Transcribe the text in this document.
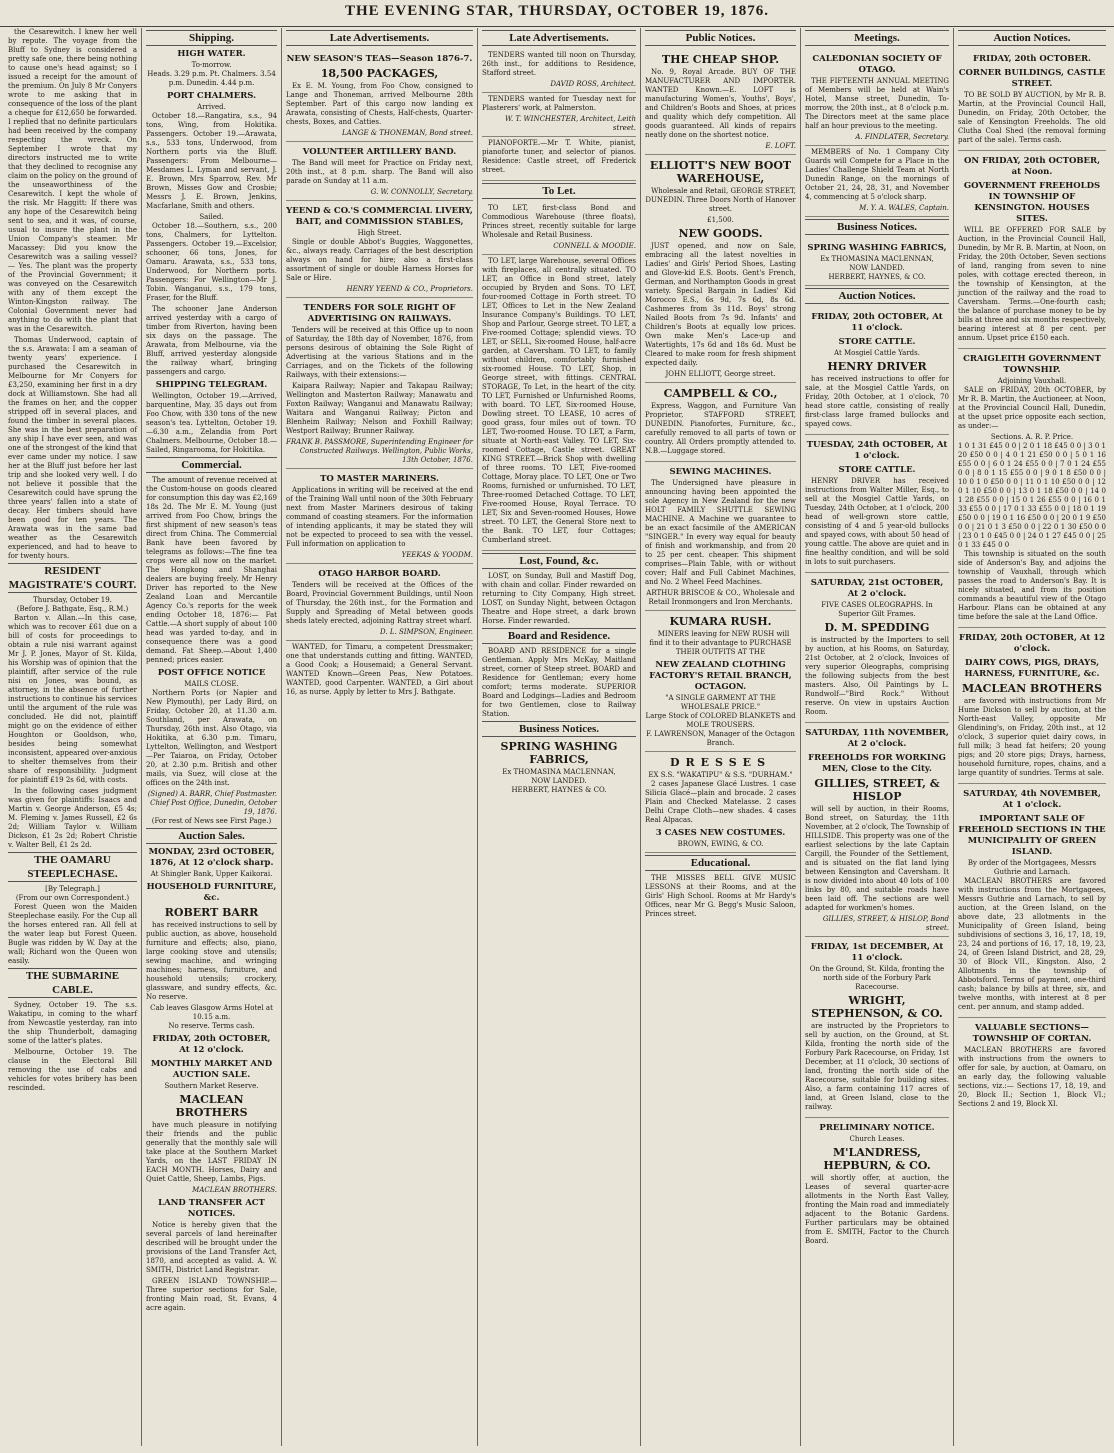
THE EVENING STAR, THURSDAY, OCTOBER 19, 1876.

the Cesarewitch. I knew her well by repute. The voyage from the Bluff to Sydney is considered a pretty safe one, there being nothing to cause one's head against; so I issued a receipt for the amount of the premium. On July 8 Mr Conyers wrote to me asking that in consequence of the loss of the plant a cheque for £12,650 be forwarded. I replied that no definite particulars had been received by the company respecting the wreck. On September I wrote that my directors instructed me to write that they declined to recognise any claim on the policy on the ground of the unseaworthiness of the Cesarewitch. I kept the whole of the risk. Mr Haggitt: If there was any hope of the Cesarewitch being sent to sea, and it was, of course, usual to insure the plant in the Union Company's steamer. Mr Macassey: Did you know the Cesarewitch was a sailing vessel? — Yes. The plant was the property of the Provincial Government; it was conveyed on the Cesarewitch with any of them except the Winton-Kingston railway. The Colonial Government never had anything to do with the plant that was in the Cesarewitch.

Thomas Underwood, captain of the s.s. Arawata: I am a seaman of twenty years' experience. I purchased the Cesarewitch in Melbourne for Mr Conyers for £3,250, examining her first in a dry dock at Williamstown. She had all the frames on her, and the copper stripped off in several places, and found the timber in several places. She was in the best preparation of any ship I have ever seen, and was one of the strongest of the kind that ever came under my notice. I saw her at the Bluff just before her last trip and she looked very well. I do not believe it possible that the Cesarewitch could have sprung the three years' fallen into a state of decay. Her timbers should have been good for ten years. The Arawata was in the same bad weather as the Cesarewitch experienced, and had to heave to for twenty hours.

RESIDENT MAGISTRATE'S COURT.
Thursday, October 19.
(Before J. Bathgate, Esq., R.M.)

Barton v. Allan.—In this case, which was to recover £61 due on a bill of costs for proceedings to obtain a rule nisi warrant against Mr J. P. Jones, Mayor of St. Kilda, his Worship was of opinion that the plaintiff, after service of the rule nisi on Jones, was bound, as attorney, in the absence of further instructions to continue his services until the argument of the rule was concluded. He did not, plaintiff might go on the evidence of either Houghton or Gooldson, who, besides being somewhat inconsistent, appeared over-anxious to shelter themselves from their share of responsibility. Judgment for plaintiff £19 2s 6d, with costs.

In the following cases judgment was given for plaintiffs: Isaacs and Martin v. George Anderson, £5 4s; M. Fleming v. James Russell, £2 6s 2d; William Taylor v. William Dickson, £1 2s 2d; Robert Christie v. Walter Bell, £1 2s 2d.

THE OAMARU STEEPLECHASE.
[By Telegraph.]
(From our own Correspondent.)

Forest Queen won the Maiden Steeplechase easily. For the Cup all the horses entered ran. All fell at the water leap but Forest Queen. Bugle was ridden by W. Day at the wall; Richard won the Queen won easily.

THE SUBMARINE CABLE.

Sydney, October 19. The s.s. Wakatipu, in coming to the wharf from Newcastle yesterday, ran into the ship Thunderbolt, damaging some of the latter's plates.

Melbourne, October 19. The clause in the Electoral Bill removing the use of cabs and vehicles for votes bribery has been rescinded.

Shipping.
HIGH WATER.
To-morrow.
Heads. 3.29 p.m. Pt. Chalmers. 3.54 p.m. Dunedin. 4.44 p.m.
PORT CHALMERS.
Arrived.

October 18.—Rangatira, s.s., 94 tons, Wing, from Hokitika. Passengers. October 19.—Arawata, s.s., 533 tons, Underwood, from Northern ports via the Bluff. Passengers: From Melbourne—Mesdames L. Lyman and servant, J. E. Brown, Mrs Sparrow, Rev. Mr Brown, Misses Gow and Crosbie; Messrs J. E. Brown, Jenkins, Macfarlane, Smith and others.

Sailed.

October 18.—Southern, s.s., 200 tons, Chalmers, for Lyttelton. Passengers. October 19.—Excelsior, schooner, 66 tons, Jones, for Oamaru. Arawata, s.s., 533 tons, Underwood, for Northern ports. Passengers: For Wellington—Mr J. Tobin. Wanganui, s.s., 179 tons, Fraser, for the Bluff.

The schooner Jane Anderson arrived yesterday with a cargo of timber from Riverton, having been six days on the passage. The Arawata, from Melbourne, via the Bluff, arrived yesterday alongside the railway wharf, bringing passengers and cargo.

SHIPPING TELEGRAM.

Wellington, October 19.—Arrived, barquentine, May, 35 days out from Foo Chow, with 330 tons of the new season's tea. Lyttelton, October 19.—6.30 a.m., Zelandia from Port Chalmers. Melbourne, October 18.—Sailed, Ringarooma, for Hokitika.

Commercial.

The amount of revenue received at the Custom-house on goods cleared for consumption this day was £2,169 18s 2d. The Mr E. M. Young (just arrived from Foo Chow, brings the first shipment of new season's teas direct from China. The Commercial Bank have been favored by telegrams as follows:—The fine tea crops were all now on the market. The Hongkong and Shanghai dealers are buying freely. Mr Henry Driver has reported to the New Zealand Loan and Mercantile Agency Co.'s reports for the week ending October 18, 1876:— Fat Cattle.—A short supply of about 100 head was yarded to-day, and in consequence there was a good demand. Fat Sheep.—About 1,400 penned; prices easier.

POST OFFICE NOTICE
MAILS CLOSE.

Northern Ports (or Napier and New Plymouth), per Lady Bird, on Friday, October 20, at 11.30 a.m. Southland, per Arawata, on Thursday, 26th inst. Also Otago, via Hokitika, at 6.30 p.m. Timaru, Lyttelton, Wellington, and Westport—Per Taiaroa, on Friday, October 20, at 2.30 p.m. British and other mails, via Suez, will close at the offices on the 24th inst.

(Signed) A. BARR, Chief Postmaster. Chief Post Office, Dunedin, October 19, 1876.
(For rest of News see First Page.)
Auction Sales.
MONDAY, 23rd OCTOBER, 1876, At 12 o'clock sharp.
At Shingler Bank, Upper Kaikorai.
HOUSEHOLD FURNITURE, &c.
ROBERT BARR

has received instructions to sell by public auction, as above, household furniture and effects; also, piano, large cooking stove and utensils; sewing machine, and wringing machines; harness, furniture, and household utensils; crockery, glassware, and sundry effects, &c. No reserve.

Cab leaves Glasgow Arms Hotel at 10.15 a.m.
No reserve. Terms cash.
FRIDAY, 20th OCTOBER, At 12 o'clock.
MONTHLY MARKET AND AUCTION SALE.
Southern Market Reserve.
MACLEAN BROTHERS

have much pleasure in notifying their friends and the public generally that the monthly sale will take place at the Southern Market Yards, on the LAST FRIDAY IN EACH MONTH. Horses, Dairy and Quiet Cattle, Sheep, Lambs, Pigs.

MACLEAN BROTHERS.
LAND TRANSFER ACT NOTICES.

Notice is hereby given that the several parcels of land hereinafter described will be brought under the provisions of the Land Transfer Act, 1870, and accepted as valid. A. W. SMITH, District Land Registrar.

GREEN ISLAND TOWNSHIP.—Three superior sections for Sale, fronting Main road, St. Evans, 4 acre again.

Late Advertisements.
NEW SEASON'S TEAS—Season 1876-7.
18,500 PACKAGES,

Ex E. M. Young, from Foo Chow, consigned to Lange and Thoneman, arrived Melbourne 28th September. Part of this cargo now landing ex Arawata, consisting of Chests, Half-chests, Quarter-chests, Boxes, and Catties.

LANGE & THONEMAN, Bond street.
VOLUNTEER ARTILLERY BAND.

The Band will meet for Practice on Friday next, 20th inst., at 8 p.m. sharp. The Band will also parade on Sunday at 11 a.m.

G. W. CONNOLLY, Secretary.
YEEND & CO.'S COMMERCIAL LIVERY, BAIT, and COMMISSION STABLES,
High Street.

Single or double Abbot's Buggies, Waggonettes, &c., always ready. Carriages of the best description always on hand for hire; also a first-class assortment of single or double Harness Horses for Sale or Hire.

HENRY YEEND & CO., Proprietors.
TENDERS FOR SOLE RIGHT OF ADVERTISING ON RAILWAYS.

Tenders will be received at this Office up to noon of Saturday, the 18th day of November, 1876, from persons desirous of obtaining the Sole Right of Advertising at the various Stations and in the Carriages, and on the Tickets of the following Railways, with their extensions:—

Kaipara Railway; Napier and Takapau Railway; Wellington and Masterton Railway; Manawatu and Foxton Railway; Wanganui and Manawatu Railway; Waitara and Wanganui Railway; Picton and Blenheim Railway; Nelson and Foxhill Railway; Westport Railway; Brunner Railway.

FRANK B. PASSMORE, Superintending Engineer for Constructed Railways. Wellington, Public Works, 13th October, 1876.
TO MASTER MARINERS.

Applications in writing will be received at the end of the Training Wall until noon of the 30th February next from Master Mariners desirous of taking command of coasting steamers. For the information of intending applicants, it may be stated they will not be expected to proceed to sea with the vessel. Full information on application to

YEEKAS & YOODM.
OTAGO HARBOR BOARD.

Tenders will be received at the Offices of the Board, Provincial Government Buildings, until Noon of Thursday, the 26th inst., for the Formation and Supply and Spreading of Metal between goods sheds lately erected, adjoining Rattray street wharf.

D. L. SIMPSON, Engineer.

WANTED, for Timaru, a competent Dressmaker; one that understands cutting and fitting. WANTED, a Good Cook; a Housemaid; a General Servant. WANTED Known—Green Peas, New Potatoes. WANTED, good Carpenter. WANTED, a Girl about 16, as nurse. Apply by letter to Mrs J. Bathgate.

Late Advertisements.

TENDERS wanted till noon on Thursday, 26th inst., for additions to Residence, Stafford street.

DAVID ROSS, Architect.

TENDERS wanted for Tuesday next for Plasterers' work, at Palmerston.

W. T. WINCHESTER, Architect, Leith street.

PIANOFORTE.—Mr T. White, pianist, pianoforte tuner, and selector of pianos. Residence: Castle street, off Frederick street.

To Let.

TO LET, first-class Bond and Commodious Warehouse (three floats), Princes street, recently suitable for large Wholesale and Retail Business.

CONNELL & MOODIE.

TO LET, large Warehouse, several Offices with fireplaces, all centrally situated. TO LET, an Office in Bond street, lately occupied by Bryden and Sons. TO LET, four-roomed Cottage in Forth street. TO LET, Offices to Let in the New Zealand Insurance Company's Buildings. TO LET, Shop and Parlour, George street. TO LET, a Five-roomed Cottage; splendid views. TO LET, or SELL, Six-roomed House, half-acre garden, at Caversham. TO LET, to family without children, comfortably furnished six-roomed House. TO LET, Shop, in George street, with fittings. CENTRAL STORAGE, To Let, in the heart of the city. TO LET, Furnished or Unfurnished Rooms, with board. TO LET, Six-roomed House, Dowling street. TO LEASE, 10 acres of good grass, four miles out of town. TO LET, Two-roomed House. TO LET, a Farm, situate at North-east Valley. TO LET, Six-roomed Cottage, Castle street. GREAT KING STREET.—Brick Shop with dwelling of three rooms. TO LET, Five-roomed Cottage, Moray place. TO LET, One or Two Rooms, furnished or unfurnished. TO LET, Three-roomed Detached Cottage. TO LET, Five-roomed House, Royal Terrace. TO LET, Six and Seven-roomed Houses, Howe street. TO LET, the General Store next to the Bank. TO LET, four Cottages; Cumberland street.

Lost, Found, &c.

LOST, on Sunday, Bull and Mastiff Dog, with chain and collar. Finder rewarded on returning to City Company, High street. LOST, on Sunday Night, between Octagon Theatre and Hope street, a dark brown Horse. Finder rewarded.

Board and Residence.

BOARD AND RESIDENCE for a single Gentleman. Apply Mrs McKay, Maitland street, corner of Steep street. BOARD and Residence for Gentleman; every home comfort; terms moderate. SUPERIOR Board and Lodgings—Ladies and Bedroom for two Gentlemen, close to Railway Station.

Business Notices.
SPRING WASHING FABRICS,
Ex THOMASINA MACLENNAN,
NOW LANDED.
HERBERT, HAYNES & CO.
Public Notices.
THE CHEAP SHOP.

No. 9, Royal Arcade. BUY OF THE MANUFACTURER AND IMPORTER. WANTED Known.—E. LOFT is manufacturing Women's, Youths', Boys', and Children's Boots and Shoes, at prices and quality which defy competition. All goods guaranteed. All kinds of repairs neatly done on the shortest notice.

E. LOFT.
ELLIOTT'S NEW BOOT WAREHOUSE,

Wholesale and Retail, GEORGE STREET, DUNEDIN. Three Doors North of Hanover street.

£1,500.
NEW GOODS.

JUST opened, and now on Sale, embracing all the latest novelties in Ladies' and Girls' Period Shoes, Lasting and Glove-kid E.S. Boots. Gent's French, German, and Northampton Goods in great variety. Special Bargain in Ladies' Kid Morocco E.S., 6s 9d, 7s 6d, 8s 6d. Cashmeres from 3s 11d. Boys' strong Nailed Boots from 7s 9d. Infants' and Children's Boots at equally low prices. Own make Men's Lace-up and Watertights, 17s 6d and 18s 6d. Must be Cleared to make room for fresh shipment expected daily.

JOHN ELLIOTT, George street.
CAMPBELL & CO.,

Express, Waggon, and Furniture Van Proprietor, STAFFORD STREET, DUNEDIN. Pianofortes, Furniture, &c., carefully removed to all parts of town or country. All Orders promptly attended to. N.B.—Luggage stored.

SEWING MACHINES.

The Undersigned have pleasure in announcing having been appointed the sole Agency in New Zealand for the new HOLT FAMILY SHUTTLE SEWING MACHINE. A Machine we guarantee to be an exact facsimile of the AMERICAN "SINGER." In every way equal for beauty of finish and workmanship, and from 20 to 25 per cent. cheaper. This shipment comprises—Plain Table, with or without cover; Half and Full Cabinet Machines, and No. 2 Wheel Feed Machines.

ARTHUR BRISCOE & CO., Wholesale and Retail Ironmongers and Iron Merchants.
KUMARA RUSH.

MINERS leaving for NEW RUSH will find it to their advantage to PURCHASE THEIR OUTFITS AT THE

NEW ZEALAND CLOTHING FACTORY'S RETAIL BRANCH, OCTAGON.
"A SINGLE GARMENT AT THE WHOLESALE PRICE."
Large Stock of COLORED BLANKETS and MOLE TROUSERS.
F. LAWRENSON, Manager of the Octagon Branch.
DRESSES
EX S.S. "WAKATIPU" & S.S. "DURHAM."

2 cases Japanese Glacé Lustres. 1 case Silicia Glacé—plain and brocade. 2 cases Plain and Checked Matelasse. 2 cases Delhi Crape Cloth—new shades. 4 cases Real Alpacas.

3 CASES NEW COSTUMES.
BROWN, EWING, & CO.
Educational.

THE MISSES BELL GIVE MUSIC LESSONS at their Rooms, and at the Girls' High School. Rooms at Mr Hardy's Offices, near Mr G. Begg's Music Saloon, Princes street.

Meetings.
CALEDONIAN SOCIETY OF OTAGO.

THE FIFTEENTH ANNUAL MEETING of Members will be held at Wain's Hotel, Manse street, Dunedin, To-morrow, the 20th inst., at 8 o'clock p.m. The Directors meet at the same place half an hour previous to the meeting.

A. FINDLATER, Secretary.

MEMBERS of No. 1 Company City Guards will Compete for a Place in the Ladies' Challenge Shield Team at North Dunedin Range, on the mornings of October 21, 24, 28, 31, and November 4, commencing at 5 o'clock sharp.

M. Y. A. WALES, Captain.
Business Notices.
SPRING WASHING FABRICS,
Ex THOMASINA MACLENNAN,
NOW LANDED.
HERBERT, HAYNES, & CO.
Auction Notices.
FRIDAY, 20th OCTOBER, At 11 o'clock.
STORE CATTLE.
At Mosgiel Cattle Yards.
HENRY DRIVER

has received instructions to offer for sale, at the Mosgiel Cattle Yards, on Friday, 20th October, at 1 o'clock, 70 head store cattle, consisting of really first-class large framed bullocks and spayed cows.

TUESDAY, 24th OCTOBER, At 1 o'clock.
STORE CATTLE.

HENRY DRIVER has received instructions from Walter Miller, Esq., to sell at the Mosgiel Cattle Yards, on Tuesday, 24th October, at 1 o'clock, 200 head of well-grown store cattle, consisting of 4 and 5 year-old bullocks and spayed cows, with about 50 head of young cattle. The above are quiet and in fine healthy condition, and will be sold in lots to suit purchasers.

SATURDAY, 21st OCTOBER, At 2 o'clock.
FIVE CASES OLEOGRAPHS. In Superior Gilt Frames.
D. M. SPEDDING

is instructed by the Importers to sell by auction, at his Rooms, on Saturday, 21st October, at 2 o'clock, Invoices of very superior Oleographs, comprising the following subjects from the best masters. Also, Oil Paintings by L. Rundwolf—"Bird Rock." Without reserve. On view in upstairs Auction Room.

SATURDAY, 11th NOVEMBER, At 2 o'clock.
FREEHOLDS FOR WORKING MEN, Close to the City.
GILLIES, STREET, & HISLOP

will sell by auction, in their Rooms, Bond street, on Saturday, the 11th November, at 2 o'clock, The Township of HILLSIDE. This property was one of the earliest selections by the late Captain Cargill, the Founder of the Settlement, and is situated on the flat land lying between Kensington and Caversham. It is now divided into about 40 lots of 100 links by 80, and suitable roads have been laid off. The sections are well adapted for workmen's homes.

GILLIES, STREET, & HISLOP, Bond street.
FRIDAY, 1st DECEMBER, At 11 o'clock.
On the Ground, St. Kilda, fronting the north side of the Forbury Park Racecourse.
WRIGHT, STEPHENSON, & CO.

are instructed by the Proprietors to sell by auction, on the Ground, at St. Kilda, fronting the north side of the Forbury Park Racecourse, on Friday, 1st December, at 11 o'clock, 30 sections of land, fronting the north side of the Racecourse, suitable for building sites. Also, a farm containing 117 acres of land, at Green Island, close to the railway.

PRELIMINARY NOTICE.
Church Leases.
M'LANDRESS, HEPBURN, & CO.

will shortly offer, at auction, the Leases of several quarter-acre allotments in the North East Valley, fronting the Main road and immediately adjacent to the Botanic Gardens. Further particulars may be obtained from E. SMITH, Factor to the Church Board.

Auction Notices.
FRIDAY, 20th OCTOBER.
CORNER BUILDINGS, CASTLE STREET.

TO BE SOLD BY AUCTION, by Mr R. B. Martin, at the Provincial Council Hall, Dunedin, on Friday, 20th October, the sale of Kensington Freeholds. The old Clutha Coal Shed (the removal forming part of the sale). Terms cash.

ON FRIDAY, 20th OCTOBER, at Noon.
GOVERNMENT FREEHOLDS IN TOWNSHIP OF KENSINGTON. HOUSES SITES.

WILL BE OFFERED FOR SALE by Auction, in the Provincial Council Hall, Dunedin, by Mr R. B. Martin, at Noon, on Friday, the 20th October, Seven sections of land, ranging from seven to nine poles, with cottage erected thereon, in the township of Kensington, at the junction of the railway and the road to Caversham. Terms.—One-fourth cash; the balance of purchase money to be by bills at three and six months respectively, bearing interest at 8 per cent. per annum. Upset price £150 each.

CRAIGLEITH GOVERNMENT TOWNSHIP.
Adjoining Vauxhall.

SALE on FRIDAY, 20th OCTOBER, by Mr R. B. Martin, the Auctioneer, at Noon, at the Provincial Council Hall, Dunedin, at the upset price opposite each section, as under:—

Sections. A. R. P. Price.
1 0 1 31 £45 0 0 | 2 0 1 18 £45 0 0 | 3 0 1 20 £50 0 0 | 4 0 1 21 £50 0 0 | 5 0 1 16 £55 0 0 | 6 0 1 24 £55 0 0 | 7 0 1 24 £55 0 0 | 8 0 1 15 £55 0 0 | 9 0 1 8 £50 0 0 | 10 0 1 0 £50 0 0 | 11 0 1 10 £50 0 0 | 12 0 1 10 £50 0 0 | 13 0 1 18 £50 0 0 | 14 0 1 28 £55 0 0 | 15 0 1 26 £55 0 0 | 16 0 1 33 £55 0 0 | 17 0 1 33 £55 0 0 | 18 0 1 19 £50 0 0 | 19 0 1 16 £50 0 0 | 20 0 1 9 £50 0 0 | 21 0 1 3 £50 0 0 | 22 0 1 30 £50 0 0 | 23 0 1 0 £45 0 0 | 24 0 1 27 £45 0 0 | 25 0 1 33 £45 0 0

This township is situated on the south side of Anderson's Bay, and adjoins the township of Vauxhall, through which passes the road to Anderson's Bay. It is nicely situated, and from its position commands a beautiful view of the Otago Harbour. Plans can be obtained at any time before the sale at the Land Office.

FRIDAY, 20th OCTOBER, At 12 o'clock.
DAIRY COWS, PIGS, DRAYS, HARNESS, FURNITURE, &c.
MACLEAN BROTHERS

are favored with instructions from Mr Hume Dickson to sell by auction, at the North-east Valley, opposite Mr Glendining's, on Friday, 20th inst., at 12 o'clock, 3 superior quiet dairy cows, in full milk; 3 head fat heifers; 20 young pigs; and 20 store pigs; Drays, harness, household furniture, ropes, chains, and a large quantity of sundries. Terms at sale.

SATURDAY, 4th NOVEMBER, At 1 o'clock.
IMPORTANT SALE OF FREEHOLD SECTIONS IN THE MUNICIPALITY OF GREEN ISLAND.
By order of the Mortgagees, Messrs Guthrie and Larnach.

MACLEAN BROTHERS are favored with instructions from the Mortgagees, Messrs Guthrie and Larnach, to sell by auction, at the Green Island, on the above date, 23 allotments in the Municipality of Green Island, being subdivisions of sections 3, 16, 17, 18, 19, 23, 24 and portions of 16, 17, 18, 19, 23, 24, of Green Island District, and 28, 29, 30 of Block VII., Kingston. Also, 2 Allotments in the township of Abbotsford. Terms of payment, one-third cash; balance by bills at three, six, and twelve months, with interest at 8 per cent. per annum, and stamp added.

VALUABLE SECTIONS—TOWNSHIP OF CORTAN.

MACLEAN BROTHERS are favored with instructions from the owners to offer for sale, by auction, at Oamaru, on an early day, the following valuable sections, viz.:— Sections 17, 18, 19, and 20, Block II.; Section 1, Block VI.; Sections 2 and 19, Block XI.
